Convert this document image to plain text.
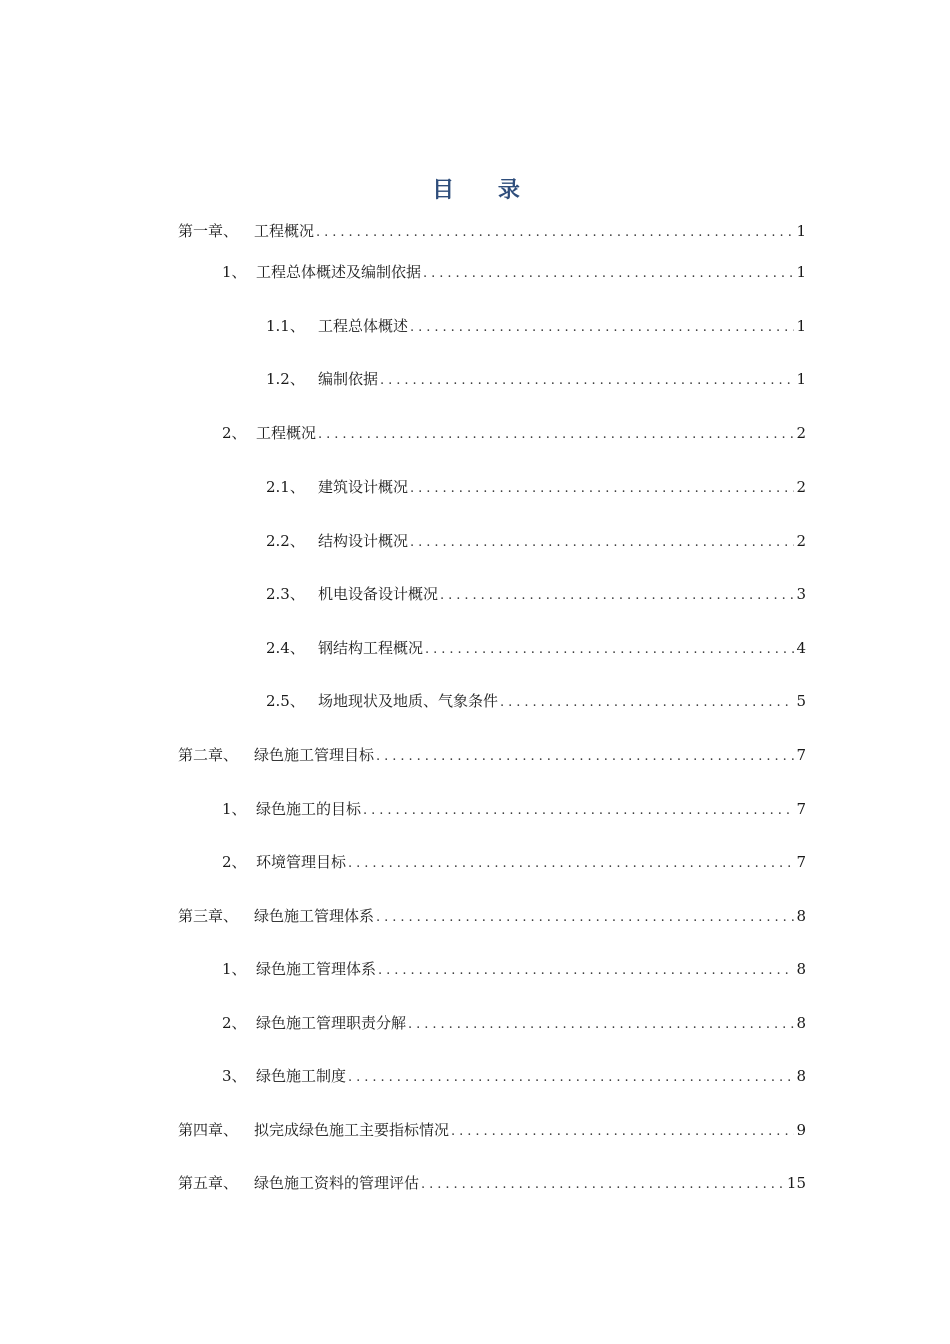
目 录
第一章、	工程概况 .....	1
1、 工程总体概述及编制依据 .....	1
1.1、 工程总体概述 .....	1
1.2、 编制依据 .....	1
2、 工程概况 .....	2
2.1、 建筑设计概况 .....	2
2.2、 结构设计概况 .....	2
2.3、 机电设备设计概况 .....	3
2.4、 钢结构工程概况 .....	4
2.5、 场地现状及地质、气象条件 .....	5
第二章、	绿色施工管理目标 .....	7
1、 绿色施工的目标 .....	7
2、 环境管理目标 .....	7
第三章、	绿色施工管理体系 .....	8
1、 绿色施工管理体系 .....	8
2、 绿色施工管理职责分解 .....	8
3、 绿色施工制度 .....	8
第四章、	拟完成绿色施工主要指标情况 .....	9
第五章、	绿色施工资料的管理评估 .....	15
